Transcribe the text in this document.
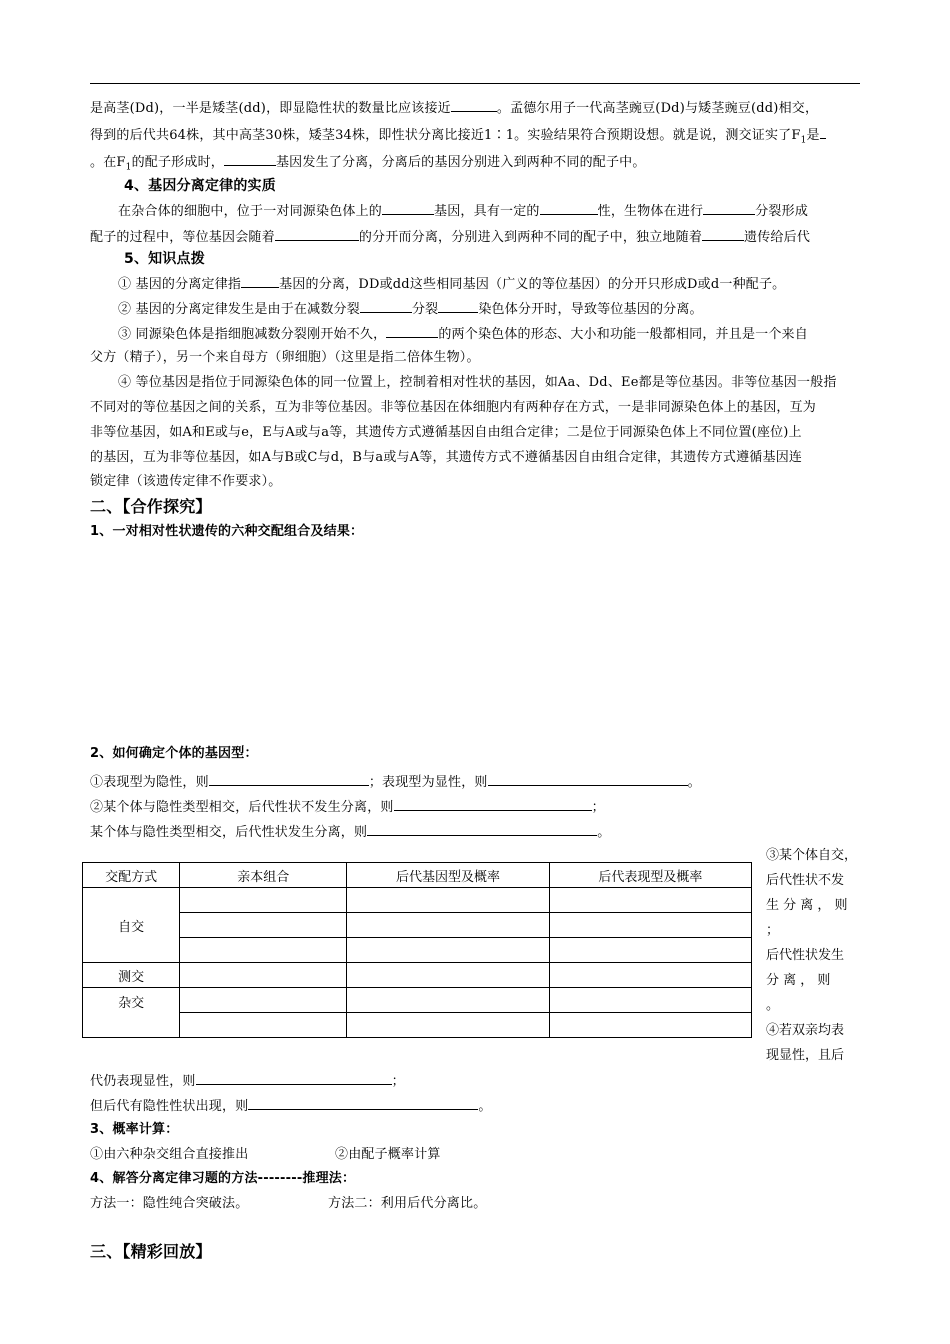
是高茎(Dd)，一半是矮茎(dd)，即显隐性状的数量比应该接近	。孟德尔用子一代高茎豌豆(Dd)与矮茎豌豆(dd)相交，
得到的后代共64株，其中高茎30株，矮茎34株，即性状分离比接近1∶1。实验结果符合预期设想。就是说，测交证实了$F_1$是
。在$F_1$的配子形成时，	基因发生了分离，分离后的基因分别进入到两种不同的配子中。
4、基因分离定律的实质
在杂合体的细胞中，位于一对同源染色体上的	基因，具有一定的	性，生物体在进行	分裂形成
配子的过程中，等位基因会随着	的分开而分离，分别进入到两种不同的配子中，独立地随着	遗传给后代
5、知识点拨
① 基因的分离定律指	基因的分离，DD或dd这些相同基因（广义的等位基因）的分开只形成D或d一种配子。
② 基因的分离定律发生是由于在减数分裂	分裂	染色体分开时，导致等位基因的分离。
③ 同源染色体是指细胞减数分裂刚开始不久，	的两个染色体的形态、大小和功能一般都相同，并且是一个来自
父方（精子），另一个来自母方（卵细胞）（这里是指二倍体生物）。
④ 等位基因是指位于同源染色体的同一位置上，控制着相对性状的基因，如Aa、Dd、Ee都是等位基因。非等位基因一般指
不同对的等位基因之间的关系，互为非等位基因。非等位基因在体细胞内有两种存在方式，一是非同源染色体上的基因，互为
非等位基因，如A和E或与e，E与A或与a等，其遗传方式遵循基因自由组合定律；二是位于同源染色体上不同位置(座位)上
的基因，互为非等位基因，如A与B或C与d，B与a或与A等，其遗传方式不遵循基因自由组合定律，其遗传方式遵循基因连
锁定律（该遗传定律不作要求）。
二、【合作探究】
1、一对相对性状遗传的六种交配组合及结果：
2、如何确定个体的基因型：
①表现型为隐性，则	；表现型为显性，则	。
②某个体与隐性类型相交，后代性状不发生分离，则	；
某个体与隐性类型相交，后代性状发生分离，则	。
交配方式	亲本组合	后代基因型及概率	后代表现型及概率
自交			

测交			
杂交			

③某个体自交，
后代性状不发
生 分 离 ， 则
；
后代性状发生
分 离 ， 则
。
④若双亲均表
现显性，且后
代仍表现显性，则	；
但后代有隐性性状出现，则	。
3、概率计算：
①由六种杂交组合直接推出	②由配子概率计算
4、解答分离定律习题的方法--------推理法：
方法一：隐性纯合突破法。	方法二：利用后代分离比。
三、【精彩回放】
